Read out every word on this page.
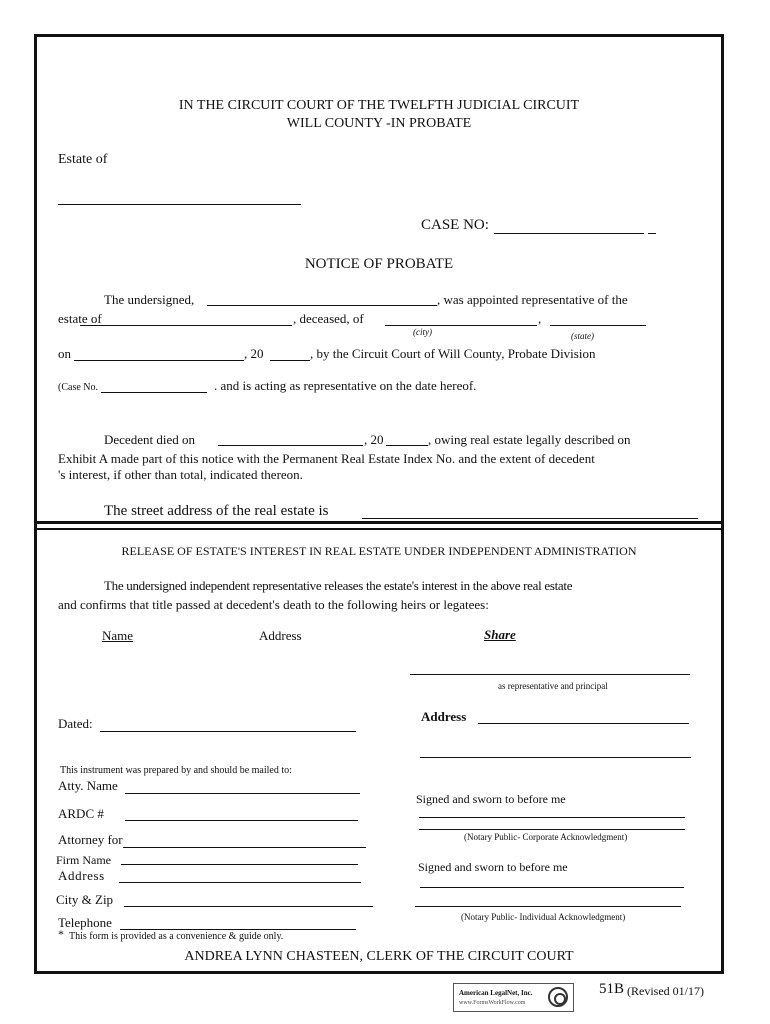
IN THE CIRCUIT COURT OF THE TWELFTH JUDICIAL CIRCUIT
WILL COUNTY -IN PROBATE
Estate of
CASE NO:
NOTICE OF PROBATE
The undersigned,	, was appointed representative of the
estate of	, deceased, of	,
(city)	(state)
on	, 20	, by the Circuit Court of Will County, Probate Division
(Case No.	. and is acting as representative on the date hereof.
Decedent died on	, 20	, owing real estate legally described on
Exhibit A made part of this notice with the Permanent Real Estate Index No. and the extent of decedent
's interest, if other than total, indicated thereon.
The street address of the real estate is
RELEASE OF ESTATE'S INTEREST IN REAL ESTATE UNDER INDEPENDENT ADMINISTRATION
The undersigned independent representative releases the estate's interest in the above real estate
and confirms that title passed at decedent's death to the following heirs or legatees:
Name	Address	Share
as representative and principal
Dated:	Address
This instrument was prepared by and should be mailed to:
Atty. Name
ARDC #
Attorney for
Firm Name
Address
City & Zip
Telephone
* This form is provided as a convenience & guide only.
Signed and sworn to before me
(Notary Public- Corporate Acknowledgment)
Signed and sworn to before me
(Notary Public- Individual Acknowledgment)
ANDREA LYNN CHASTEEN, CLERK OF THE CIRCUIT COURT
American LegalNet, Inc.
www.FormsWorkFlow.com
51B (Revised 01/17)
